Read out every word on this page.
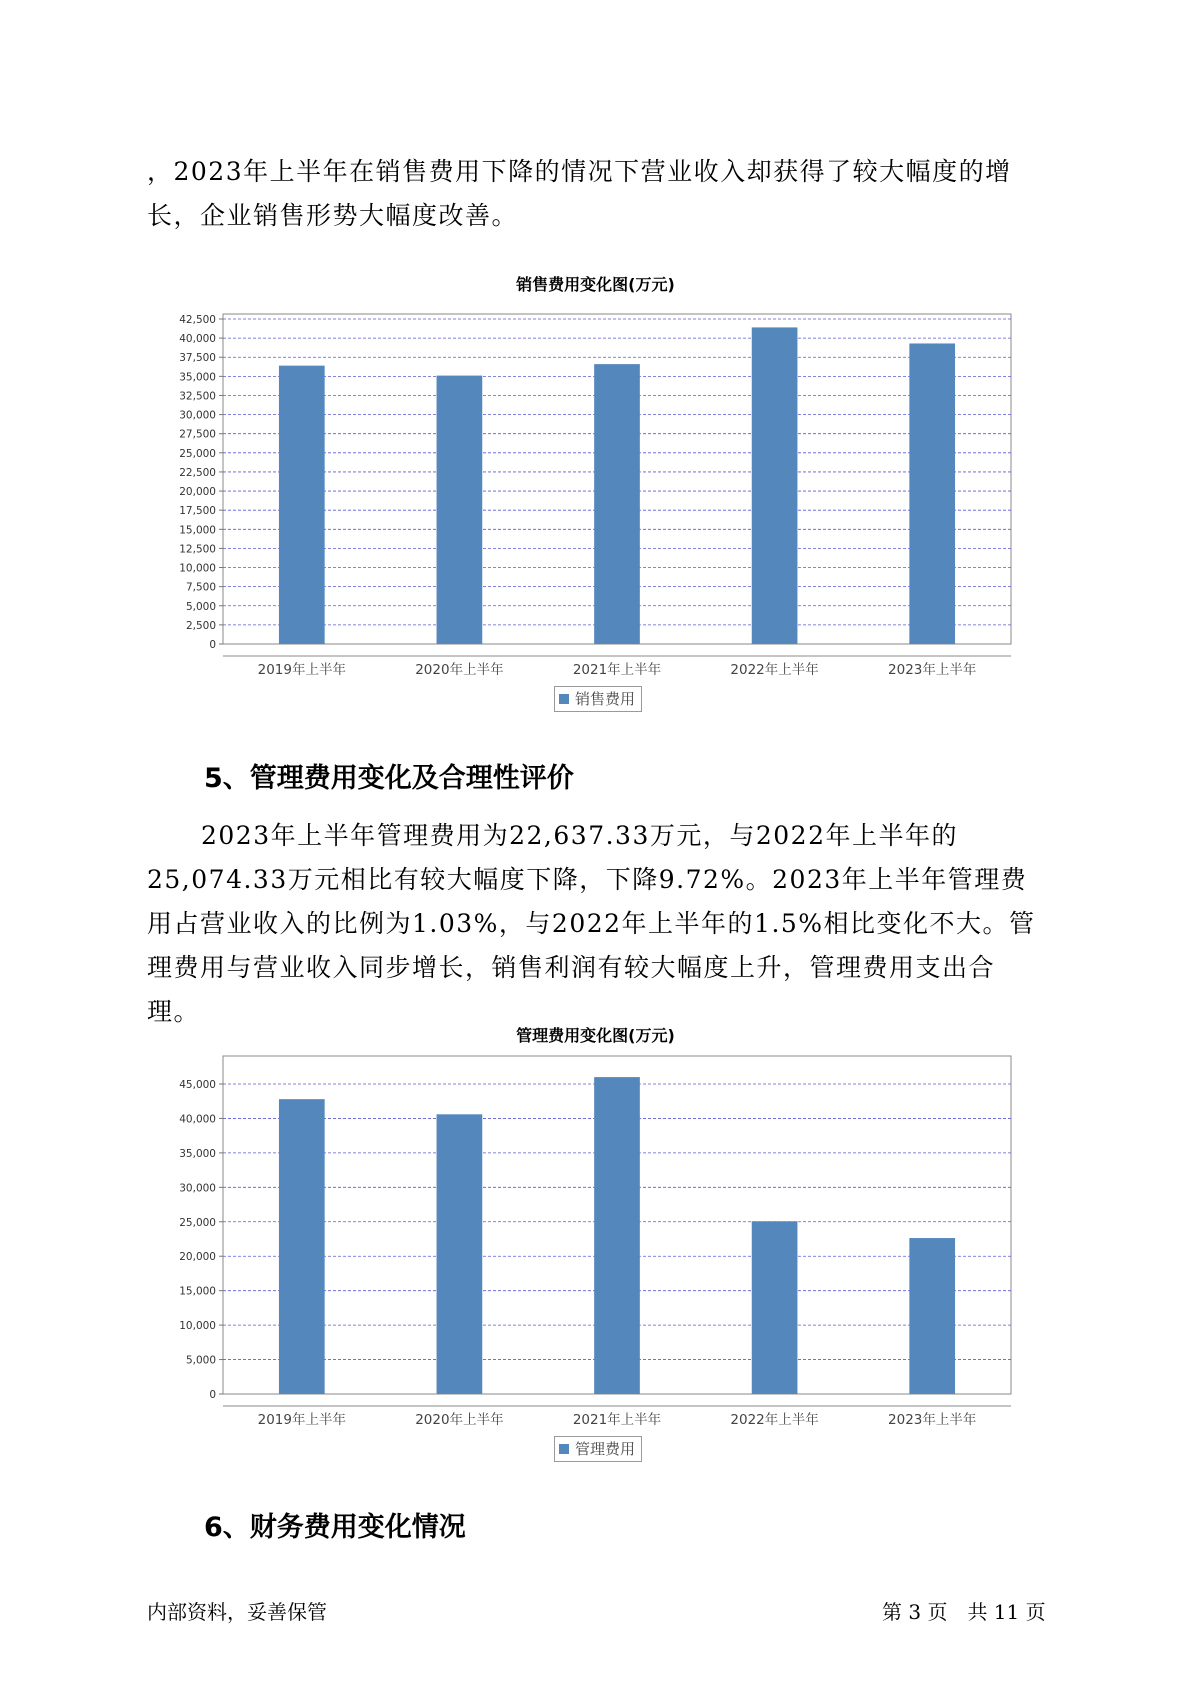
，2023年上半年在销售费用下降的情况下营业收入却获得了较大幅度的增长，企业销售形势大幅度改善。

销售费用变化图(万元)
0
2,500
5,000
7,500
10,000
12,500
15,000
17,500
20,000
22,500
25,000
27,500
30,000
32,500
35,000
37,500
40,000
42,500
2019年上半年	2020年上半年	2021年上半年	2022年上半年	2023年上半年
销售费用
5、管理费用变化及合理性评价

2023年上半年管理费用为22,637.33万元，与2022年上半年的25,074.33万元相比有较大幅度下降，下降9.72%。2023年上半年管理费用占营业收入的比例为1.03%，与2022年上半年的1.5%相比变化不大。管理费用与营业收入同步增长，销售利润有较大幅度上升，管理费用支出合理。

管理费用变化图(万元)
0
5,000
10,000
15,000
20,000
25,000
30,000
35,000
40,000
45,000
2019年上半年	2020年上半年	2021年上半年	2022年上半年	2023年上半年
管理费用
6、财务费用变化情况
内部资料，妥善保管	第 3 页　共 11 页
